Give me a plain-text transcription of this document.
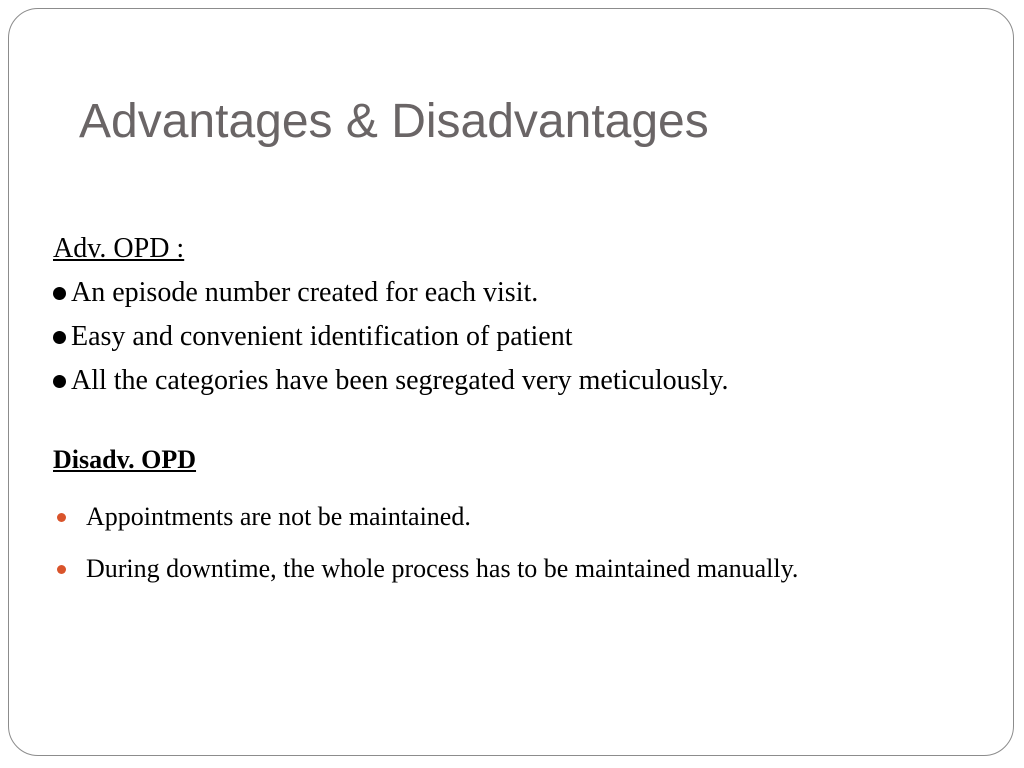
Advantages & Disadvantages
Adv. OPD :
An episode number created for each visit.
Easy and convenient identification of patient
All the categories have been segregated very meticulously.
Disadv. OPD
Appointments are not be maintained.
During downtime, the whole process has to be maintained manually.
